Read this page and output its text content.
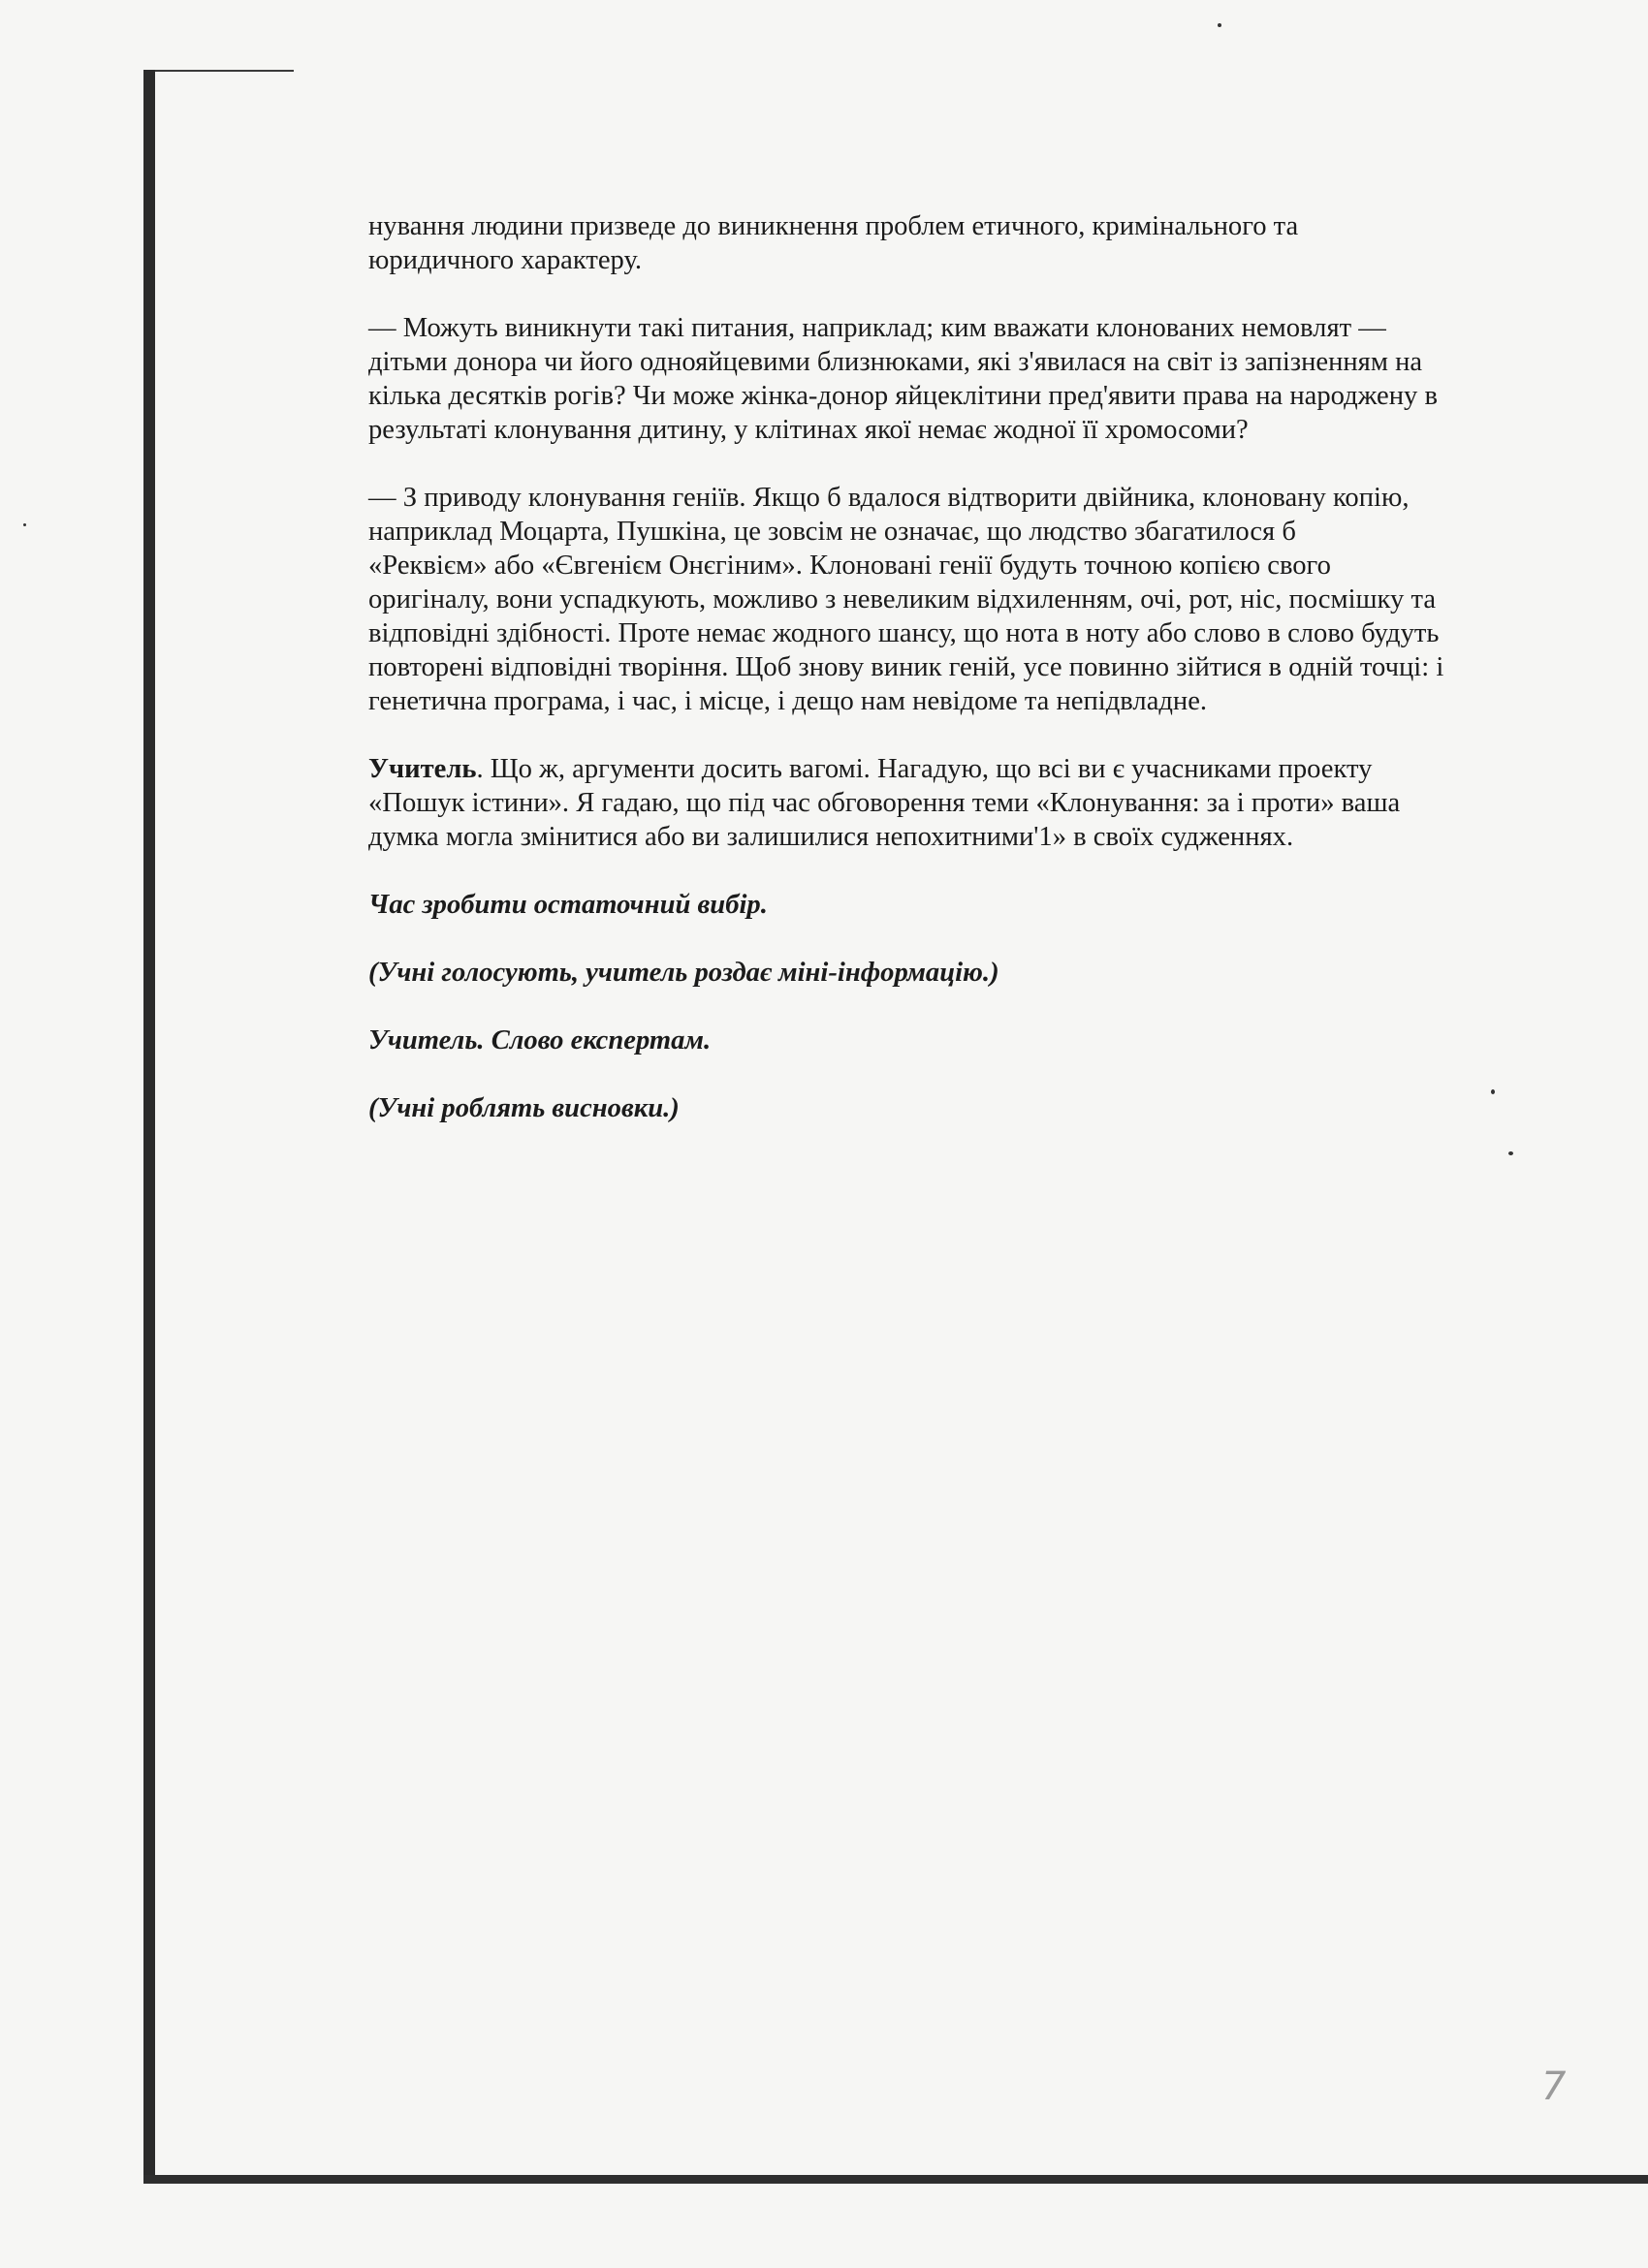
нування людини призведе до виникнення проблем етичного, кримінального та
юридичного характеру.

— Можуть виникнути такі питания, наприклад; ким вважати клонованих немовлят —
дітьми донора чи його однояйцевими близнюками, які з'явилася на світ із запізненням на
кілька десятків рогів? Чи може жінка-донор яйцеклітини пред'явити права на народжену в
результаті клонування дитину, у клітинах якої немає жодної її хромосоми?

— З приводу клонування геніїв. Якщо б вдалося відтворити двійника, клоновану копію,
наприклад Моцарта, Пушкіна, це зовсім не означає, що людство збагатилося б
«Реквієм» або «Євгенієм Онєгіним». Клоновані генії будуть точною копією свого
оригіналу, вони успадкують, можливо з невеликим відхиленням, очі, рот, ніс, посмішку та
відповідні здібності. Проте немає жодного шансу, що нота в ноту або слово в слово будуть
повторені відповідні творіння. Щоб знову виник геній, усе повинно зійтися в одній точці: і
генетична програма, і час, і місце, і дещо нам невідоме та непідвладне.

Учитель. Що ж, аргументи досить вагомі. Нагадую, що всі ви є учасниками проекту
«Пошук істини». Я гадаю, що під час обговорення теми «Клонування: за і проти» ваша
думка могла змінитися або ви залишилися непохитними'1» в своїх судженнях.

Час зробити остаточний вибір.

(Учні голосують, учитель роздає міні-інформацію.)

Учитель. Слово експертам.

(Учні роблять висновки.)

7
